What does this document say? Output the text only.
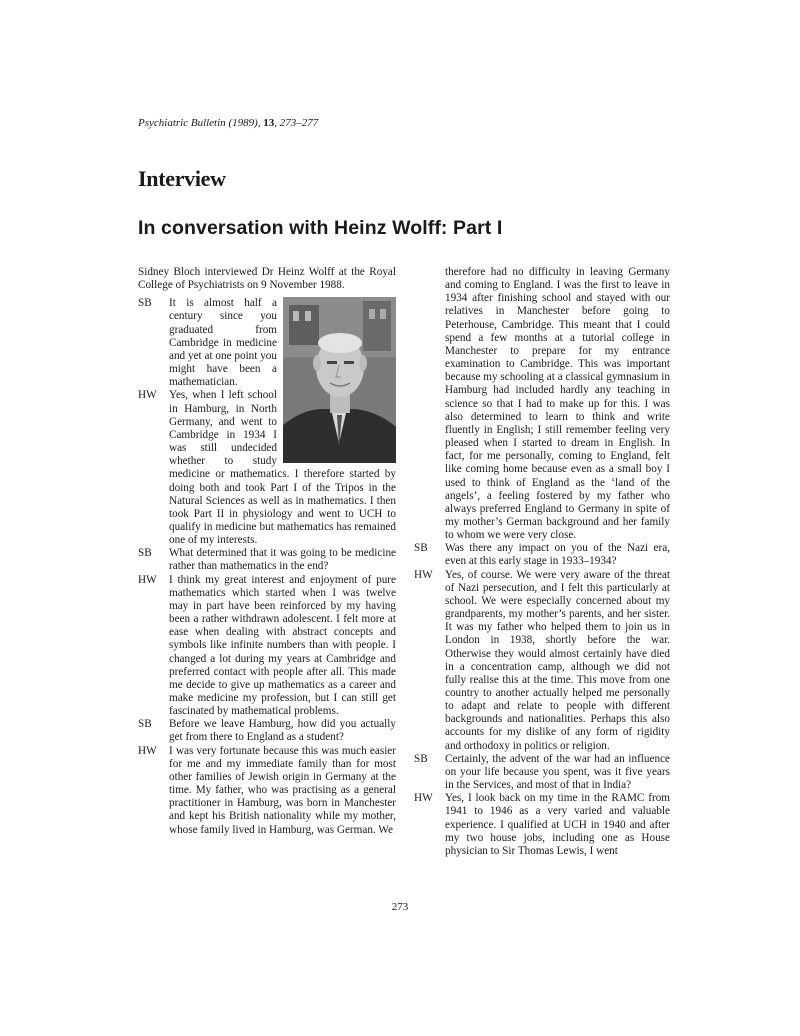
Psychiatric Bulletin (1989), 13, 273–277
Interview
In conversation with Heinz Wolff: Part I

Sidney Bloch interviewed Dr Heinz Wolff at the Royal College of Psychiatrists on 9 November 1988.

SB It is almost half a century since you graduated from Cambridge in medicine and yet at one point you might have been a mathematician.
HW Yes, when I left school in Hamburg, in North Germany, and went to Cambridge in 1934 I was still undecided whether to study medicine or mathematics. I therefore started by doing both and took Part I of the Tripos in the Natural Sciences as well as in mathematics. I then took Part II in physiology and went to UCH to qualify in medicine but mathematics has remained one of my interests.
SB What determined that it was going to be medicine rather than mathematics in the end?
HW I think my great interest and enjoyment of pure mathematics which started when I was twelve may in part have been reinforced by my having been a rather withdrawn adolescent. I felt more at ease when dealing with abstract concepts and symbols like infinite numbers than with people. I changed a lot during my years at Cambridge and preferred contact with people after all. This made me decide to give up mathematics as a career and make medicine my profession, but I can still get fascinated by mathematical problems.
SB Before we leave Hamburg, how did you actually get from there to England as a student?
HW I was very fortunate because this was much easier for me and my immediate family than for most other families of Jewish origin in Germany at the time. My father, who was practising as a general practitioner in Hamburg, was born in Manchester and kept his British nationality while my mother, whose family lived in Hamburg, was German. We

therefore had no difficulty in leaving Germany and coming to England. I was the first to leave in 1934 after finishing school and stayed with our relatives in Manchester before going to Peterhouse, Cambridge. This meant that I could spend a few months at a tutorial college in Manchester to prepare for my entrance examination to Cambridge. This was important because my schooling at a classical gymnasium in Hamburg had included hardly any teaching in science so that I had to make up for this. I was also determined to learn to think and write fluently in English; I still remember feeling very pleased when I started to dream in English. In fact, for me personally, coming to England, felt like coming home because even as a small boy I used to think of England as the ‘land of the angels’, a feeling fostered by my father who always preferred England to Germany in spite of my mother’s German background and her family to whom we were very close.

SB Was there any impact on you of the Nazi era, even at this early stage in 1933–1934?
HW Yes, of course. We were very aware of the threat of Nazi persecution, and I felt this particularly at school. We were especially concerned about my grandparents, my mother’s parents, and her sister. It was my father who helped them to join us in London in 1938, shortly before the war. Otherwise they would almost certainly have died in a concentration camp, although we did not fully realise this at the time. This move from one country to another actually helped me personally to adapt and relate to people with different backgrounds and nationalities. Perhaps this also accounts for my dislike of any form of rigidity and orthodoxy in politics or religion.
SB Certainly, the advent of the war had an influence on your life because you spent, was it five years in the Services, and most of that in India?
HW Yes, I look back on my time in the RAMC from 1941 to 1946 as a very varied and valuable experience. I qualified at UCH in 1940 and after my two house jobs, including one as House physician to Sir Thomas Lewis, I went
273
